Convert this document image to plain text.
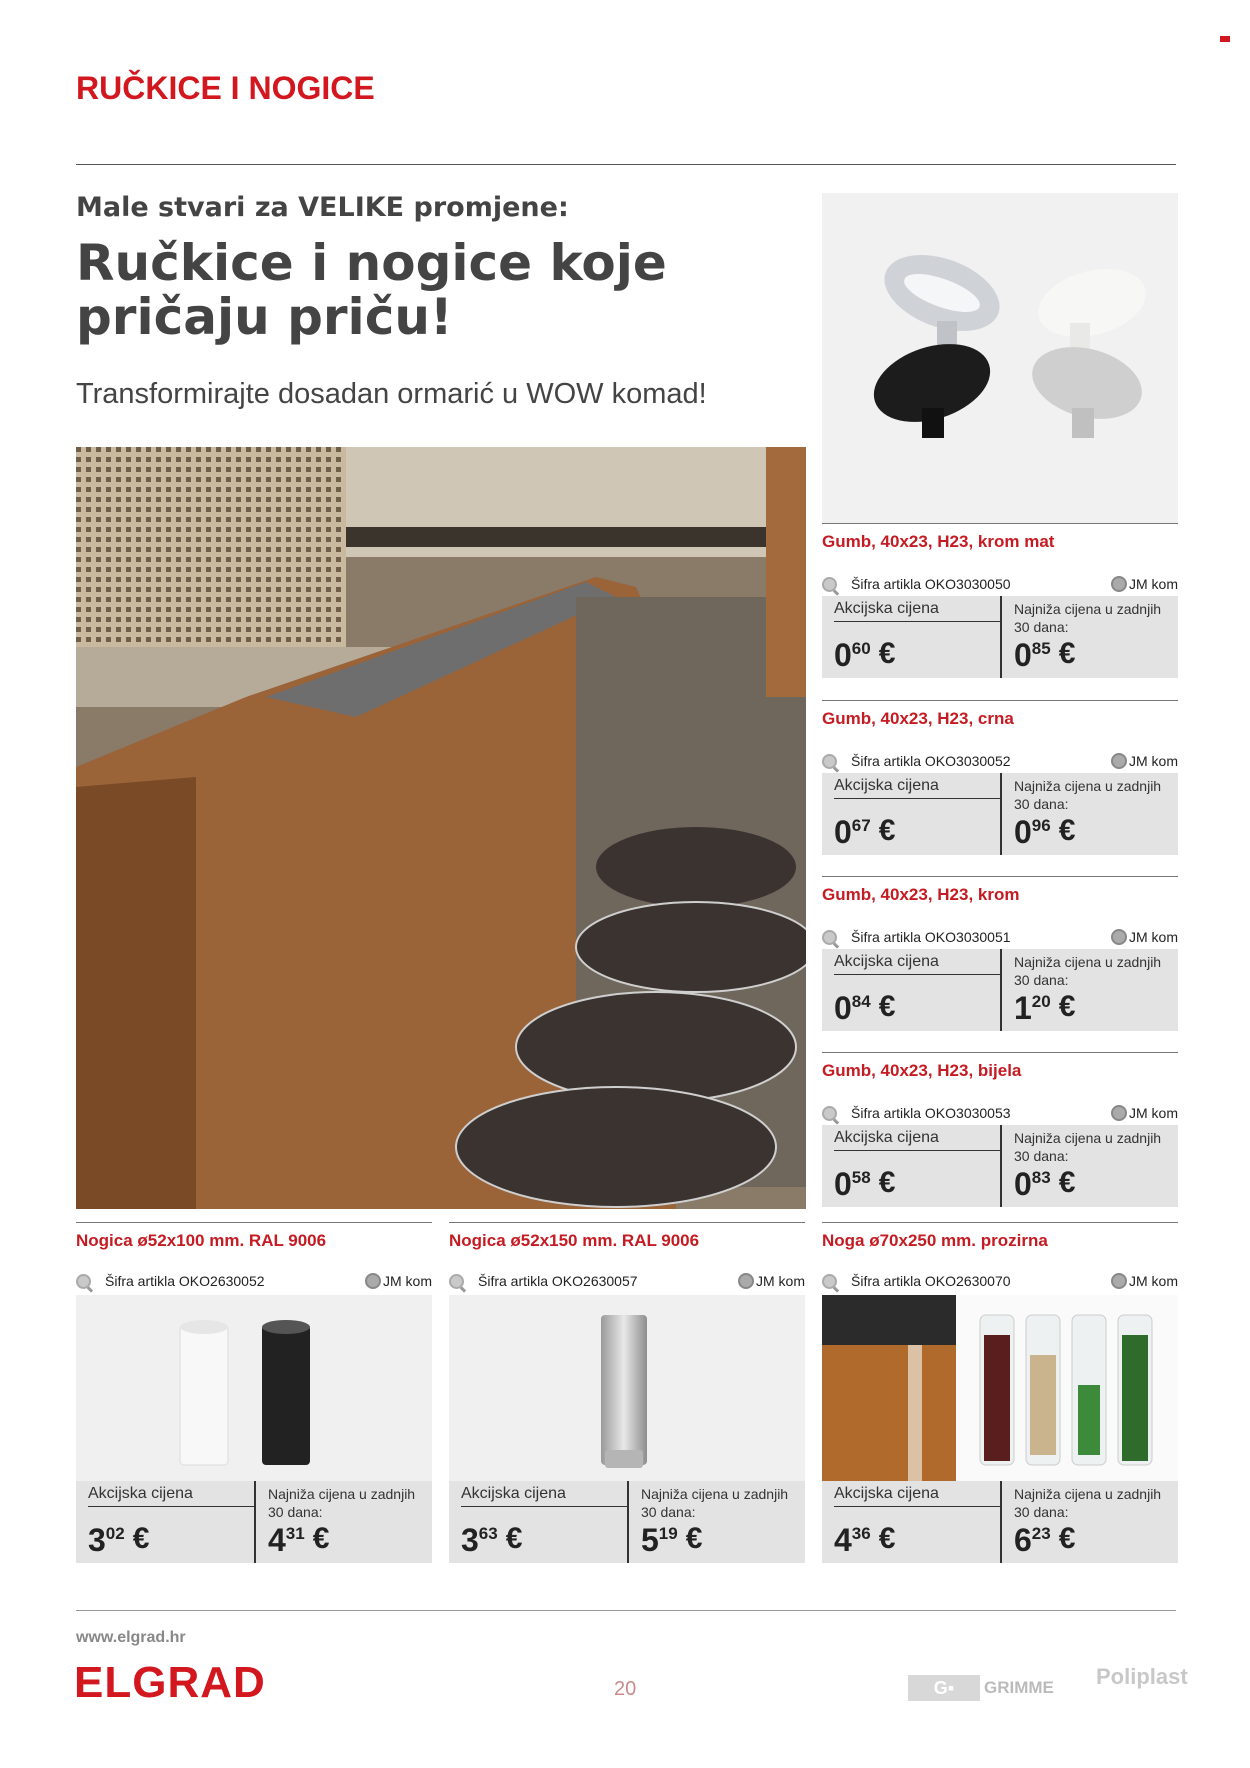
RUČKICE I NOGICE
Male stvari za VELIKE promjene:
Ručkice i nogice koje pričaju priču!
Transformirajte dosadan ormarić u WOW komad!
Gumb, 40x23, H23, krom mat
Šifra artikla OKO3030050	JM kom
Akcijska cijena
0 60 €
Najniža cijena u zadnjih 30 dana:
0 85 €
Gumb, 40x23, H23, crna
Šifra artikla OKO3030052	JM kom
Akcijska cijena
0 67 €
Najniža cijena u zadnjih 30 dana:
0 96 €
Gumb, 40x23, H23, krom
Šifra artikla OKO3030051	JM kom
Akcijska cijena
0 84 €
Najniža cijena u zadnjih 30 dana:
1 20 €
Gumb, 40x23, H23, bijela
Šifra artikla OKO3030053	JM kom
Akcijska cijena
0 58 €
Najniža cijena u zadnjih 30 dana:
0 83 €
Nogica ø52x100 mm. RAL 9006
Šifra artikla OKO2630052	JM kom
Akcijska cijena
3 02 €
Najniža cijena u zadnjih 30 dana:
4 31 €
Nogica ø52x150 mm. RAL 9006
Šifra artikla OKO2630057	JM kom
Akcijska cijena
3 63 €
Najniža cijena u zadnjih 30 dana:
5 19 €
Noga ø70x250 mm. prozirna
Šifra artikla OKO2630070	JM kom
Akcijska cijena
4 36 €
Najniža cijena u zadnjih 30 dana:
6 23 €
www.elgrad.hr
ELGRAD	20	G▪	GRIMME Poliplast
